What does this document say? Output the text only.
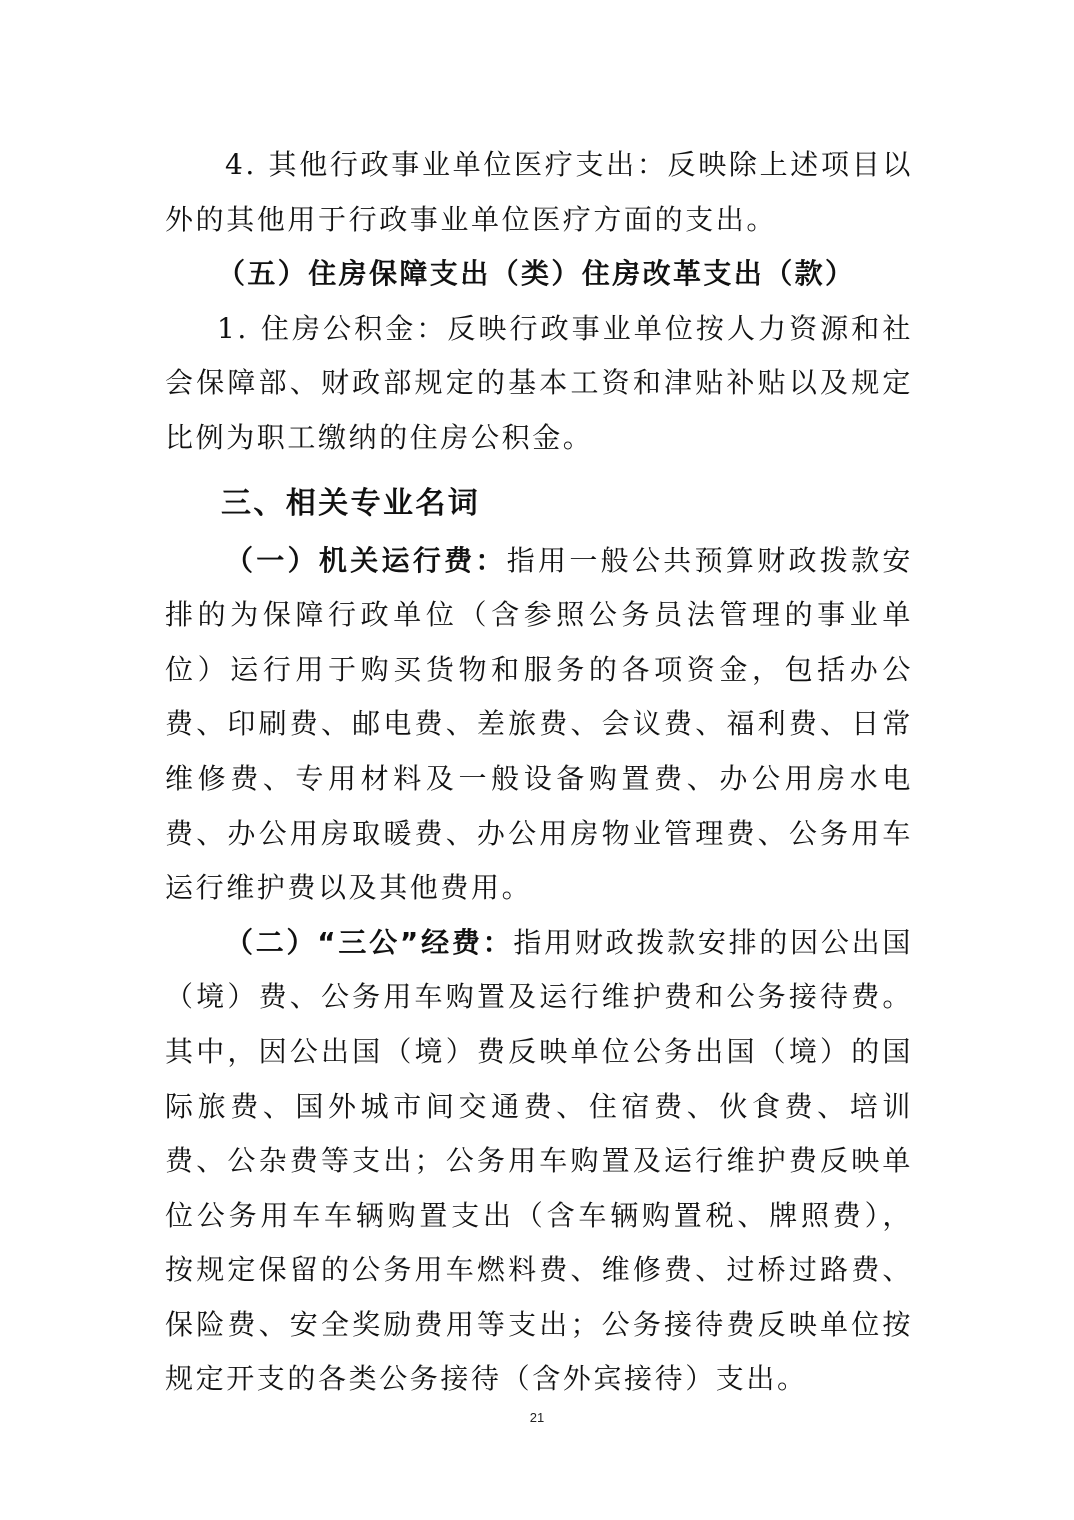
4. 其他行政事业单位医疗支出：反映除上述项目以外的其他用于行政事业单位医疗方面的支出。

（五）住房保障支出（类）住房改革支出（款）

1. 住房公积金：反映行政事业单位按人力资源和社会保障部、财政部规定的基本工资和津贴补贴以及规定比例为职工缴纳的住房公积金。

三、相关专业名词

（一）机关运行费：指用一般公共预算财政拨款安排的为保障行政单位（含参照公务员法管理的事业单位）运行用于购买货物和服务的各项资金，包括办公费、印刷费、邮电费、差旅费、会议费、福利费、日常维修费、专用材料及一般设备购置费、办公用房水电费、办公用房取暖费、办公用房物业管理费、公务用车运行维护费以及其他费用。

（二）“三公”经费：指用财政拨款安排的因公出国（境）费、公务用车购置及运行维护费和公务接待费。其中，因公出国（境）费反映单位公务出国（境）的国际旅费、国外城市间交通费、住宿费、伙食费、培训 费、公杂费等支出；公务用车购置及运行维护费反映单位公务用车车辆购置支出（含车辆购置税、牌照费），按规定保留的公务用车燃料费、维修费、过桥过路费、保险费、安全奖励费用等支出；公务接待费反映单位按规定开支的各类公务接待（含外宾接待）支出。

21
